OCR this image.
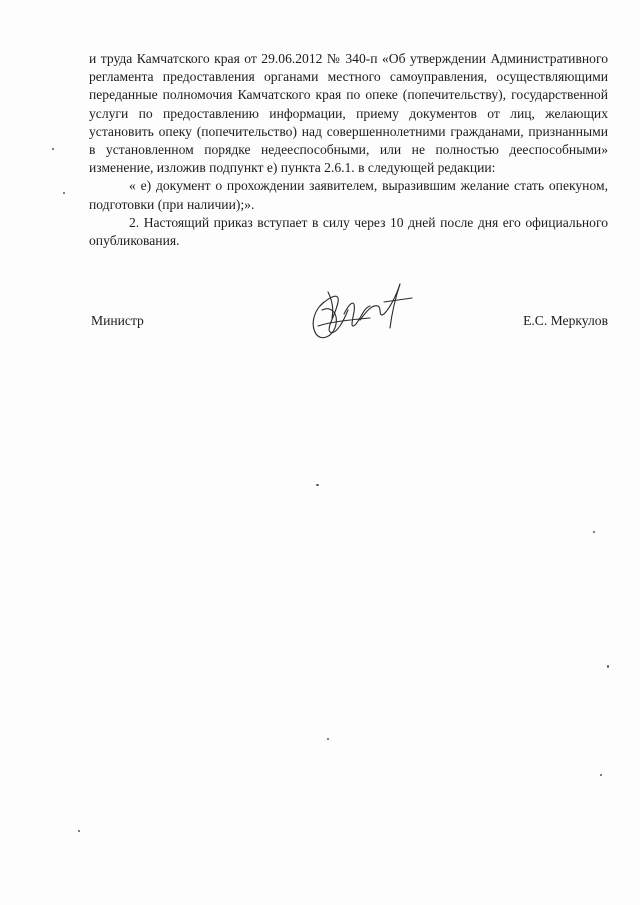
и труда Камчатского края от 29.06.2012 № 340-п «Об утверждении Административного регламента предоставления органами местного самоуправления, осуществляющими переданные полномочия Камчатского края по опеке (попечительству), государственной услуги по предоставлению информации, приему документов от лиц, желающих установить опеку (попечительство) над совершеннолетними гражданами, признанными в установленном порядке недееспособными, или не полностью дееспособными» изменение, изложив подпункт е) пункта 2.6.1. в следующей редакции:

« е) документ о прохождении заявителем, выразившим желание стать опекуном, подготовки (при наличии);».

2. Настоящий приказ вступает в силу через 10 дней после дня его официального опубликования.

Министр	Е.С. Меркулов
